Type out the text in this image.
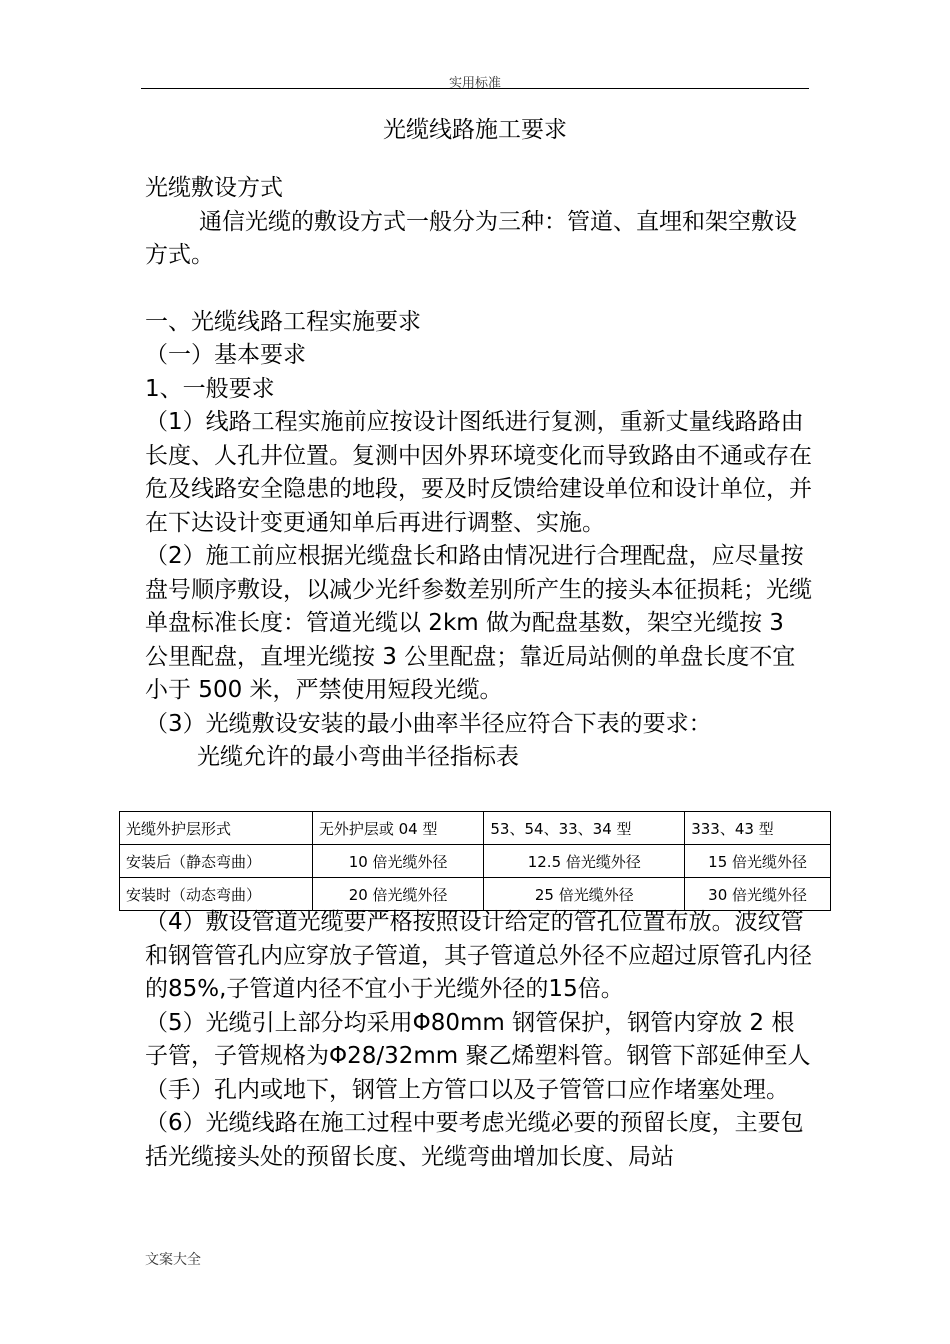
实用标准
光缆线路施工要求

光缆敷设方式

通信光缆的敷设方式一般分为三种：管道、直埋和架空敷设方式。

一、光缆线路工程实施要求

（一）基本要求

1、一般要求

（1）线路工程实施前应按设计图纸进行复测，重新丈量线路路由长度、人孔井位置。复测中因外界环境变化而导致路由不通或存在危及线路安全隐患的地段，要及时反馈给建设单位和设计单位，并在下达设计变更通知单后再进行调整、实施。

（2）施工前应根据光缆盘长和路由情况进行合理配盘，应尽量按盘号顺序敷设，以减少光纤参数差别所产生的接头本征损耗；光缆单盘标准长度：管道光缆以 2km 做为配盘基数，架空光缆按 3 公里配盘，直埋光缆按 3 公里配盘；靠近局站侧的单盘长度不宜小于 500 米，严禁使用短段光缆。

（3）光缆敷设安装的最小曲率半径应符合下表的要求：

光缆允许的最小弯曲半径指标表

光缆外护层形式	无外护层或 04 型	53、54、33、34 型	333、43 型
安装后（静态弯曲）	10 倍光缆外径	12.5 倍光缆外径	15 倍光缆外径
安装时（动态弯曲）	20 倍光缆外径	25 倍光缆外径	30 倍光缆外径

（4）敷设管道光缆要严格按照设计给定的管孔位置布放。波纹管和钢管管孔内应穿放子管道，其子管道总外径不应超过原管孔内径的85%,子管道内径不宜小于光缆外径的15倍。

（5）光缆引上部分均采用Φ80mm 钢管保护，钢管内穿放 2 根子管，子管规格为Φ28/32mm 聚乙烯塑料管。钢管下部延伸至人（手）孔内或地下，钢管上方管口以及子管管口应作堵塞处理。

（6）光缆线路在施工过程中要考虑光缆必要的预留长度，主要包括光缆接头处的预留长度、光缆弯曲增加长度、局站

文案大全
